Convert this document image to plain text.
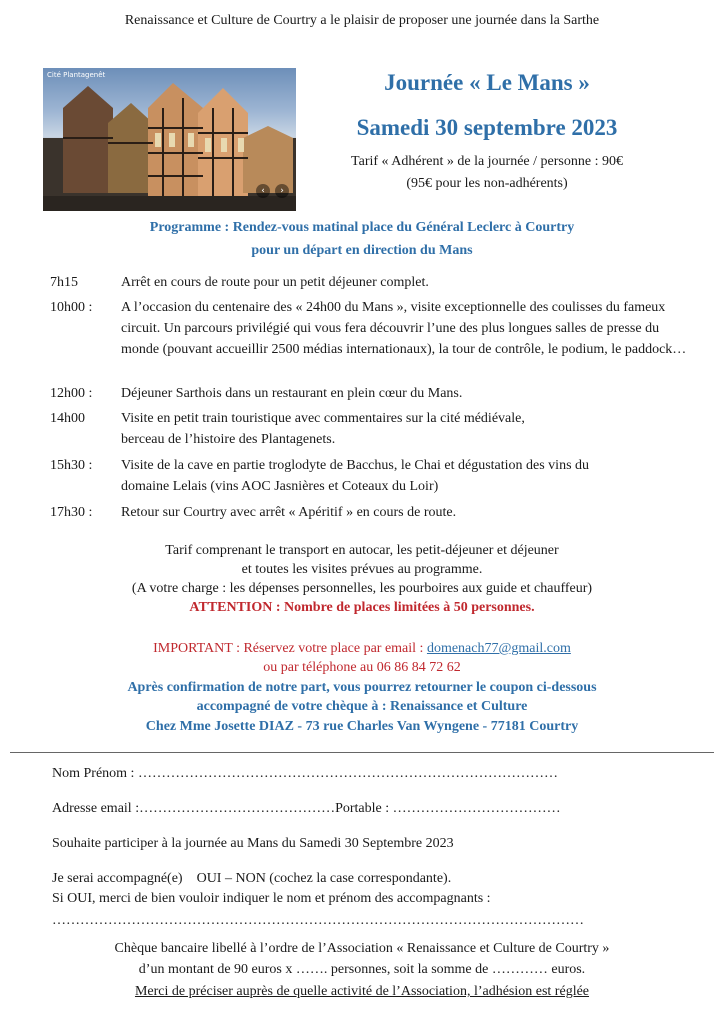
Renaissance et Culture de Courtry a le plaisir de proposer une journée dans la Sarthe
Cité Plantagenêt
‹	›
Journée « Le Mans »
Samedi 30 septembre 2023
Tarif « Adhérent » de la journée / personne : 90€
(95€ pour les non-adhérents)
Programme : Rendez-vous matinal place du Général Leclerc à Courtry
pour un départ en direction du Mans
7h15	Arrêt en cours de route pour un petit déjeuner complet.
10h00 :	A l’occasion du centenaire des « 24h00 du Mans », visite exceptionnelle des coulisses du fameux circuit. Un parcours privilégié qui vous fera découvrir l’une des plus longues salles de presse du monde (pouvant accueillir 2500 médias internationaux), la tour de contrôle, le podium, le paddock…
12h00 :	Déjeuner Sarthois dans un restaurant en plein cœur du Mans.
14h00	Visite en petit train touristique avec commentaires sur la cité médiévale, berceau de l’histoire des Plantagenets.
15h30 :	Visite de la cave en partie troglodyte de Bacchus, le Chai et dégustation des vins du domaine Lelais (vins AOC Jasnières et Coteaux du Loir)
17h30 :	Retour sur Courtry avec arrêt « Apéritif » en cours de route.
Tarif comprenant le transport en autocar, les petit-déjeuner et déjeuner
et toutes les visites prévues au programme.
(A votre charge : les dépenses personnelles, les pourboires aux guide et chauffeur)
ATTENTION : Nombre de places limitées à 50 personnes.
IMPORTANT : Réservez votre place par email : domenach77@gmail.com
ou par téléphone au 06 86 84 72 62
Après confirmation de notre part, vous pourrez retourner le coupon ci-dessous
accompagné de votre chèque à : Renaissance et Culture
Chez Mme Josette DIAZ - 73 rue Charles Van Wyngene - 77181 Courtry
Nom Prénom : ………………………………………………………………………………
Adresse email :……………………………………Portable : ………………………………
Souhaite participer à la journée au Mans du Samedi 30 Septembre 2023
Je serai accompagné(e)    OUI – NON (cochez la case correspondante).
Si OUI, merci de bien vouloir indiquer le nom et prénom des accompagnants :
……………………………………………………………………………………………………
Chèque bancaire libellé à l’ordre de l’Association « Renaissance et Culture de Courtry »
d’un montant de 90 euros x ……. personnes, soit la somme de ………… euros.
Merci de préciser auprès de quelle activité de l’Association, l’adhésion est réglée
